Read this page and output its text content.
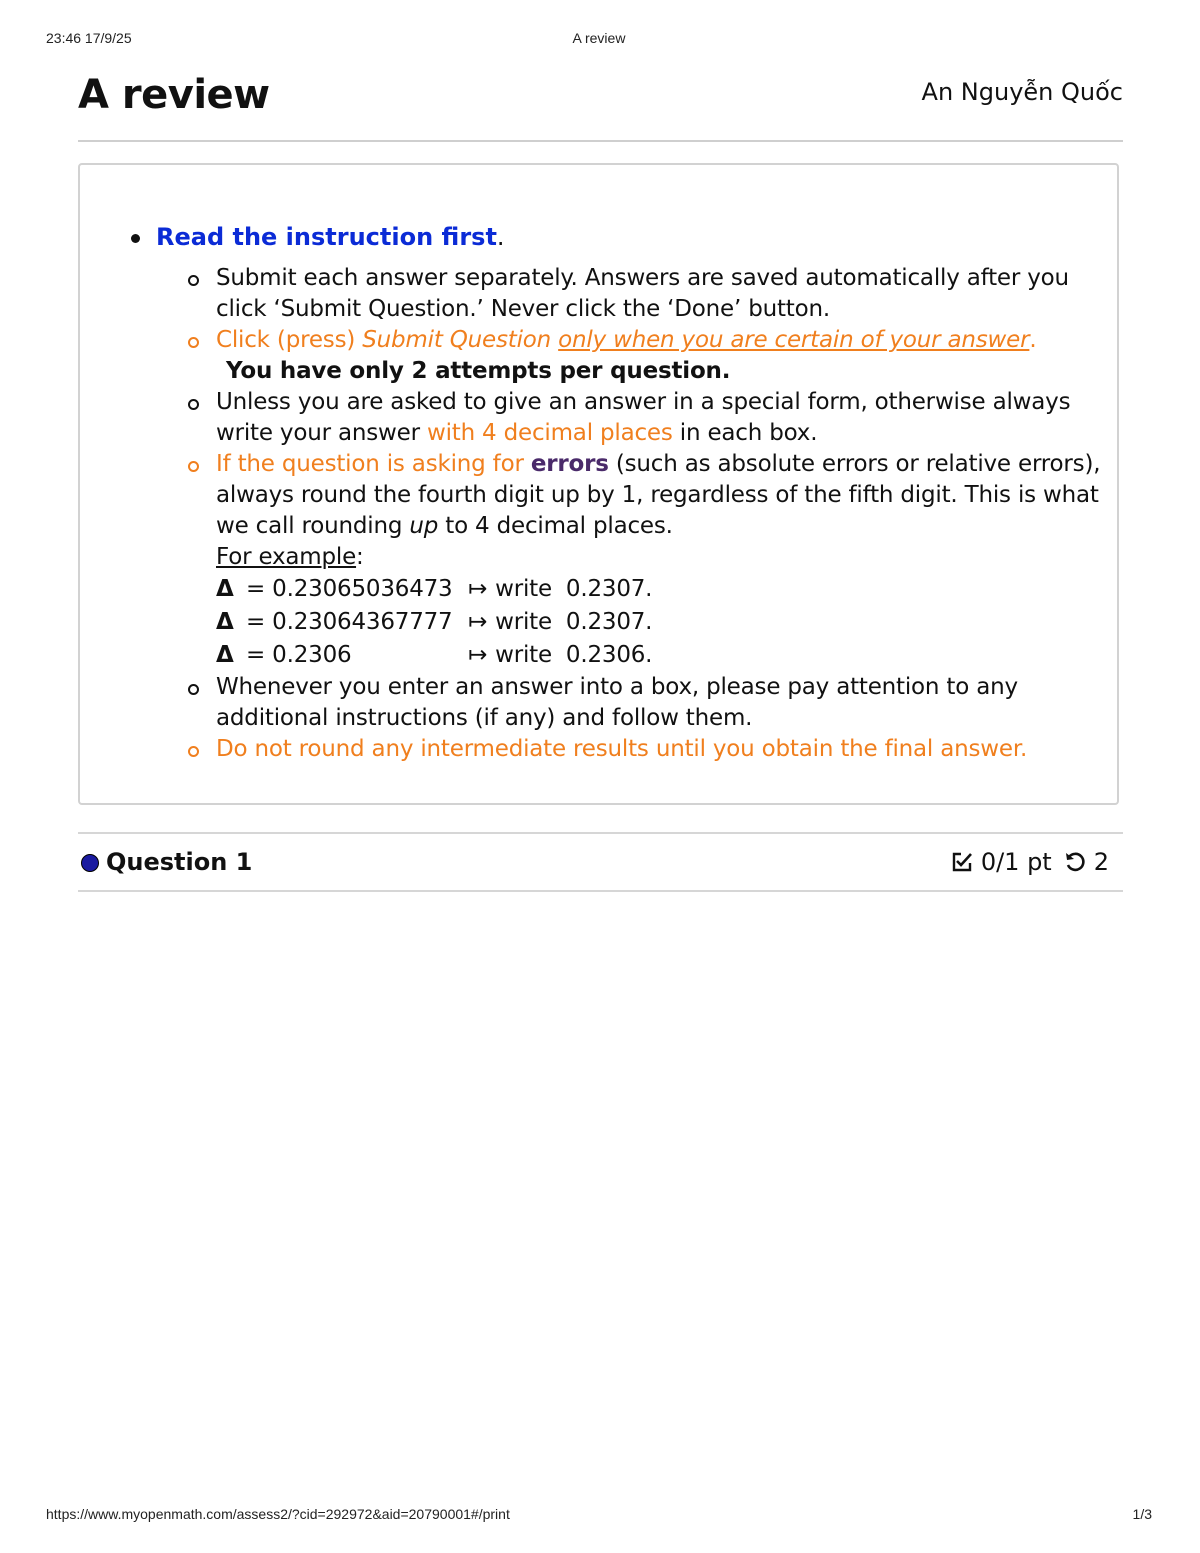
23:46 17/9/25	A review
A review	An Nguyễn Quốc
Read the instruction first.
Submit each answer separately. Answers are saved automatically after you click ‘Submit Question.’ Never click the ‘Done’ button.
Click (press) Submit Question only when you are certain of your answer.
You have only 2 attempts per question.
Unless you are asked to give an answer in a special form, otherwise always write your answer with 4 decimal places in each box.
If the question is asking for errors (such as absolute errors or relative errors), always round the fourth digit up by 1, regardless of the fifth digit. This is what we call rounding up to 4 decimal places.
For example:
Δ = 0.23065036473 ↦ write 0.2307.
Δ = 0.23064367777 ↦ write 0.2307.
Δ = 0.2306	↦ write 0.2306.
Whenever you enter an answer into a box, please pay attention to any additional instructions (if any) and follow them.
Do not round any intermediate results until you obtain the final answer.
Question 1	0/1 pt 2
https://www.myopenmath.com/assess2/?cid=292972&aid=20790001#/print	1/3
